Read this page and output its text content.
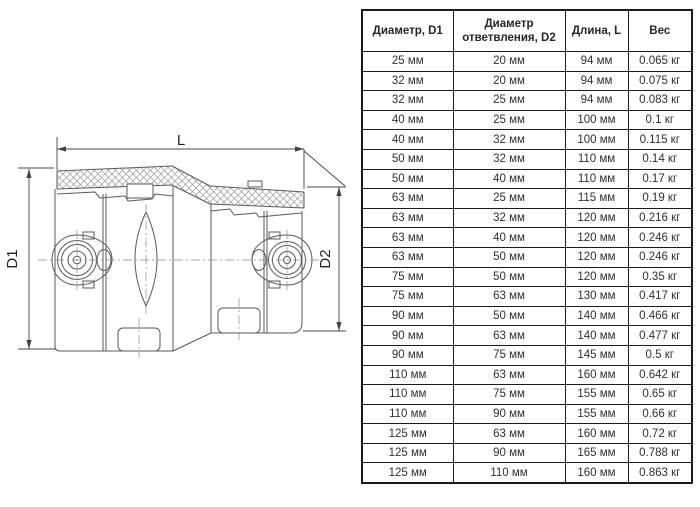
L
D1	D2
Диаметр, D1	Диаметр ответвления, D2	Длина, L	Вес
25 мм	20 мм	94 мм	0.065 кг
32 мм	20 мм	94 мм	0.075 кг
32 мм	25 мм	94 мм	0.083 кг
40 мм	25 мм	100 мм	0.1 кг
40 мм	32 мм	100 мм	0.115 кг
50 мм	32 мм	110 мм	0.14 кг
50 мм	40 мм	110 мм	0.17 кг
63 мм	25 мм	115 мм	0.19 кг
63 мм	32 мм	120 мм	0.216 кг
63 мм	40 мм	120 мм	0.246 кг
63 мм	50 мм	120 мм	0.246 кг
75 мм	50 мм	120 мм	0.35 кг
75 мм	63 мм	130 мм	0.417 кг
90 мм	50 мм	140 мм	0.466 кг
90 мм	63 мм	140 мм	0.477 кг
90 мм	75 мм	145 мм	0.5 кг
110 мм	63 мм	160 мм	0.642 кг
110 мм	75 мм	155 мм	0.65 кг
110 мм	90 мм	155 мм	0.66 кг
125 мм	63 мм	160 мм	0.72 кг
125 мм	90 мм	165 мм	0.788 кг
125 мм	110 мм	160 мм	0.863 кг
